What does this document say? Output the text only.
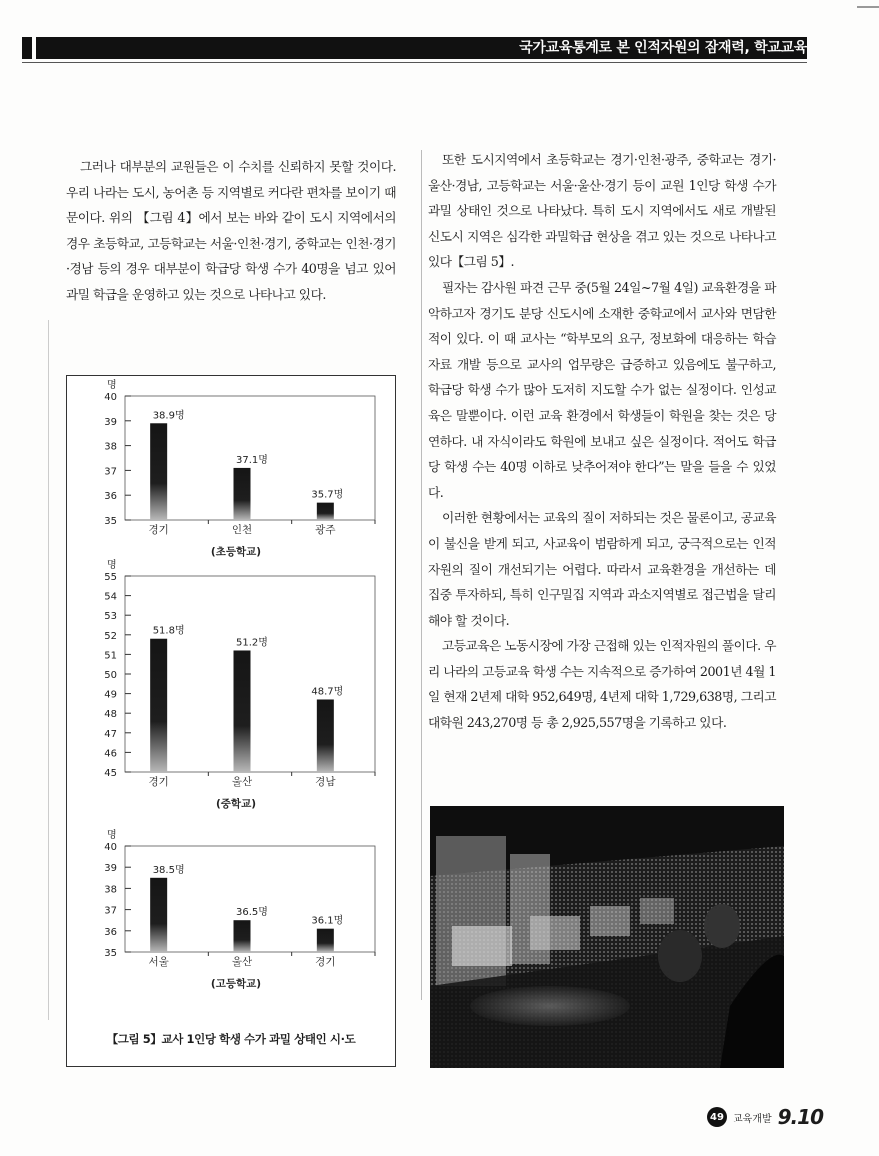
국가교육통계로 본 인적자원의 잠재력, 학교교육

그러나 대부분의 교원들은 이 수치를 신뢰하지 못할 것이다. 우리 나라는 도시, 농어촌 등 지역별로 커다란 편차를 보이기 때문이다. 위의 【그림 4】에서 보는 바와 같이 도시 지역에서의 경우 초등학교, 고등학교는 서울·인천·경기, 중학교는 인천·경기·경남 등의 경우 대부분이 학급당 학생 수가 40명을 넘고 있어 과밀 학급을 운영하고 있는 것으로 나타나고 있다.

또한 도시지역에서 초등학교는 경기·인천·광주, 중학교는 경기·울산·경남, 고등학교는 서울·울산·경기 등이 교원 1인당 학생 수가 과밀 상태인 것으로 나타났다. 특히 도시 지역에서도 새로 개발된 신도시 지역은 심각한 과밀학급 현상을 겪고 있는 것으로 나타나고 있다【그림 5】.

필자는 감사원 파견 근무 중(5월 24일~7월 4일) 교육환경을 파악하고자 경기도 분당 신도시에 소재한 중학교에서 교사와 면담한 적이 있다. 이 때 교사는 “학부모의 요구, 정보화에 대응하는 학습 자료 개발 등으로 교사의 업무량은 급증하고 있음에도 불구하고, 학급당 학생 수가 많아 도저히 지도할 수가 없는 실정이다. 인성교육은 말뿐이다. 이런 교육 환경에서 학생들이 학원을 찾는 것은 당연하다. 내 자식이라도 학원에 보내고 싶은 실정이다. 적어도 학급당 학생 수는 40명 이하로 낮추어져야 한다”는 말을 들을 수 있었다.

이러한 현황에서는 교육의 질이 저하되는 것은 물론이고, 공교육이 불신을 받게 되고, 사교육이 범람하게 되고, 궁극적으로는 인적자원의 질이 개선되기는 어렵다. 따라서 교육환경을 개선하는 데 집중 투자하되, 특히 인구밀집 지역과 과소지역별로 접근법을 달리해야 할 것이다.

고등교육은 노동시장에 가장 근접해 있는 인적자원의 풀이다. 우리 나라의 고등교육 학생 수는 지속적으로 증가하여 2001년 4월 1일 현재 2년제 대학 952,649명, 4년제 대학 1,729,638명, 그리고 대학원 243,270명 등 총 2,925,557명을 기록하고 있다.

명
35
36
37
38
39
40
38.9명
경기
37.1명
인천
35.7명
광주
(초등학교)
명
45
46
47
48
49
50
51
52
53
54
55
51.8명
경기
51.2명
울산
48.7명
경남
(중학교)
명
35
36
37
38
39
40
38.5명
서울
36.5명
울산
36.1명
경기
(고등학교)
【그림 5】교사 1인당 학생 수가 과밀 상태인 시·도
49 교육개발 9.10
